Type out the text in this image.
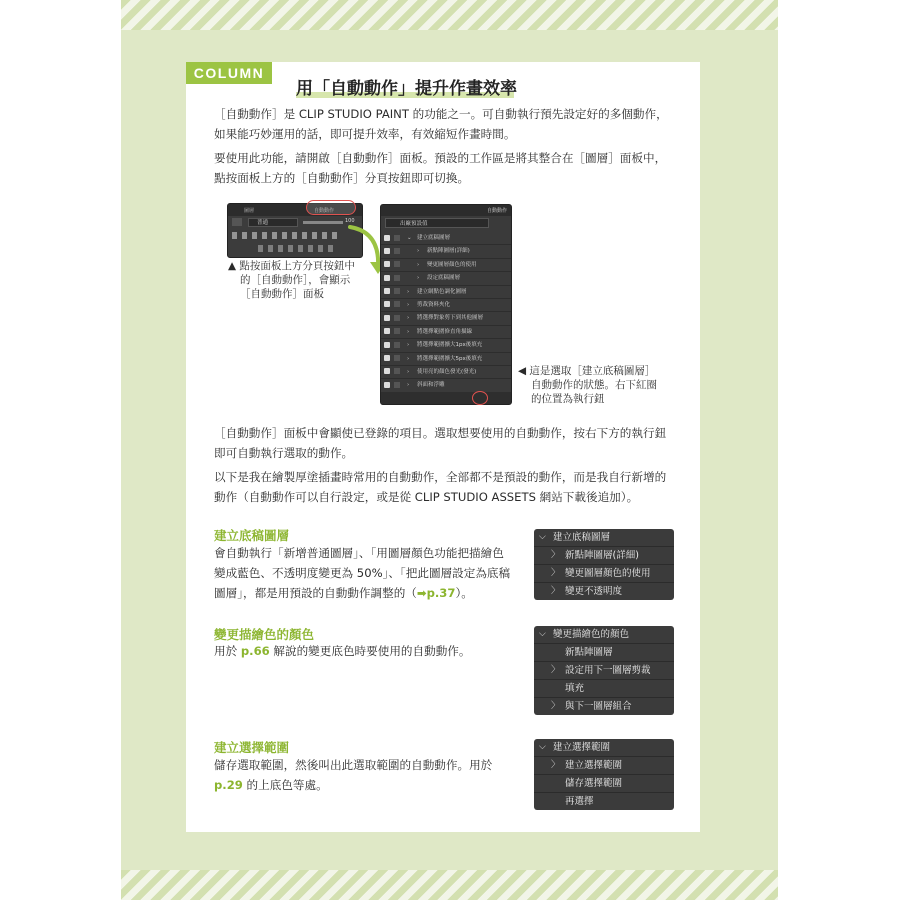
COLUMN
用「自動動作」提升作畫效率

［自動動作］是 CLIP STUDIO PAINT 的功能之一。可自動執行預先設定好的多個動作，如果能巧妙運用的話，即可提升效率，有效縮短作畫時間。

要使用此功能，請開啟［自動動作］面板。預設的工作區是將其整合在［圖層］面板中，點按面板上方的［自動動作］分頁按鈕即可切換。

圖層	自動動作
普通	100
▲ 點按面板上方分頁按鈕中
的［自動動作］，會顯示
［自動動作］面板
自動動作
出廠預設值
⌄ 建立底稿圖層
› 新點陣圖層(詳細)
› 變更圖層顏色的使用
› 設定底稿圖層
› 建立網點色調化圖層
› 剪裁資料夾化
› 將選擇對象剪下到其他圖層
› 將選擇範圍修直角描線
› 將選擇範圍擴大1px後填充
› 將選擇範圍擴大5px後填充
› 使用亮的顏色發光(發光)
› 斜面和浮雕
◀ 這是選取［建立底稿圖層］
自動動作的狀態。右下紅圈
的位置為執行鈕

［自動動作］面板中會顯使已登錄的項目。選取想要使用的自動動作，按右下方的執行鈕即可自動執行選取的動作。

以下是我在繪製厚塗插畫時常用的自動動作，全部都不是預設的動作，而是我自行新增的動作（自動動作可以自行設定，或是從 CLIP STUDIO ASSETS 網站下載後追加）。

建立底稿圖層

會自動執行「新增普通圖層」、「用圖層顏色功能把描繪色變成藍色、不透明度變更為 50%」、「把此圖層設定為底稿圖層」，都是用預設的自動動作調整的（➡p.37）。

⌵ 建立底稿圖層
〉 新點陣圖層(詳細)
〉 變更圖層顏色的使用
〉 變更不透明度
變更描繪色的顏色

用於 p.66 解說的變更底色時要使用的自動動作。

⌵ 變更描繪色的顏色
新點陣圖層
〉 設定用下一圖層剪裁
填充
〉 與下一圖層組合
建立選擇範圍

儲存選取範圍，然後叫出此選取範圍的自動動作。用於 p.29 的上底色等處。

⌵ 建立選擇範圍
〉 建立選擇範圍
儲存選擇範圍
再選擇
